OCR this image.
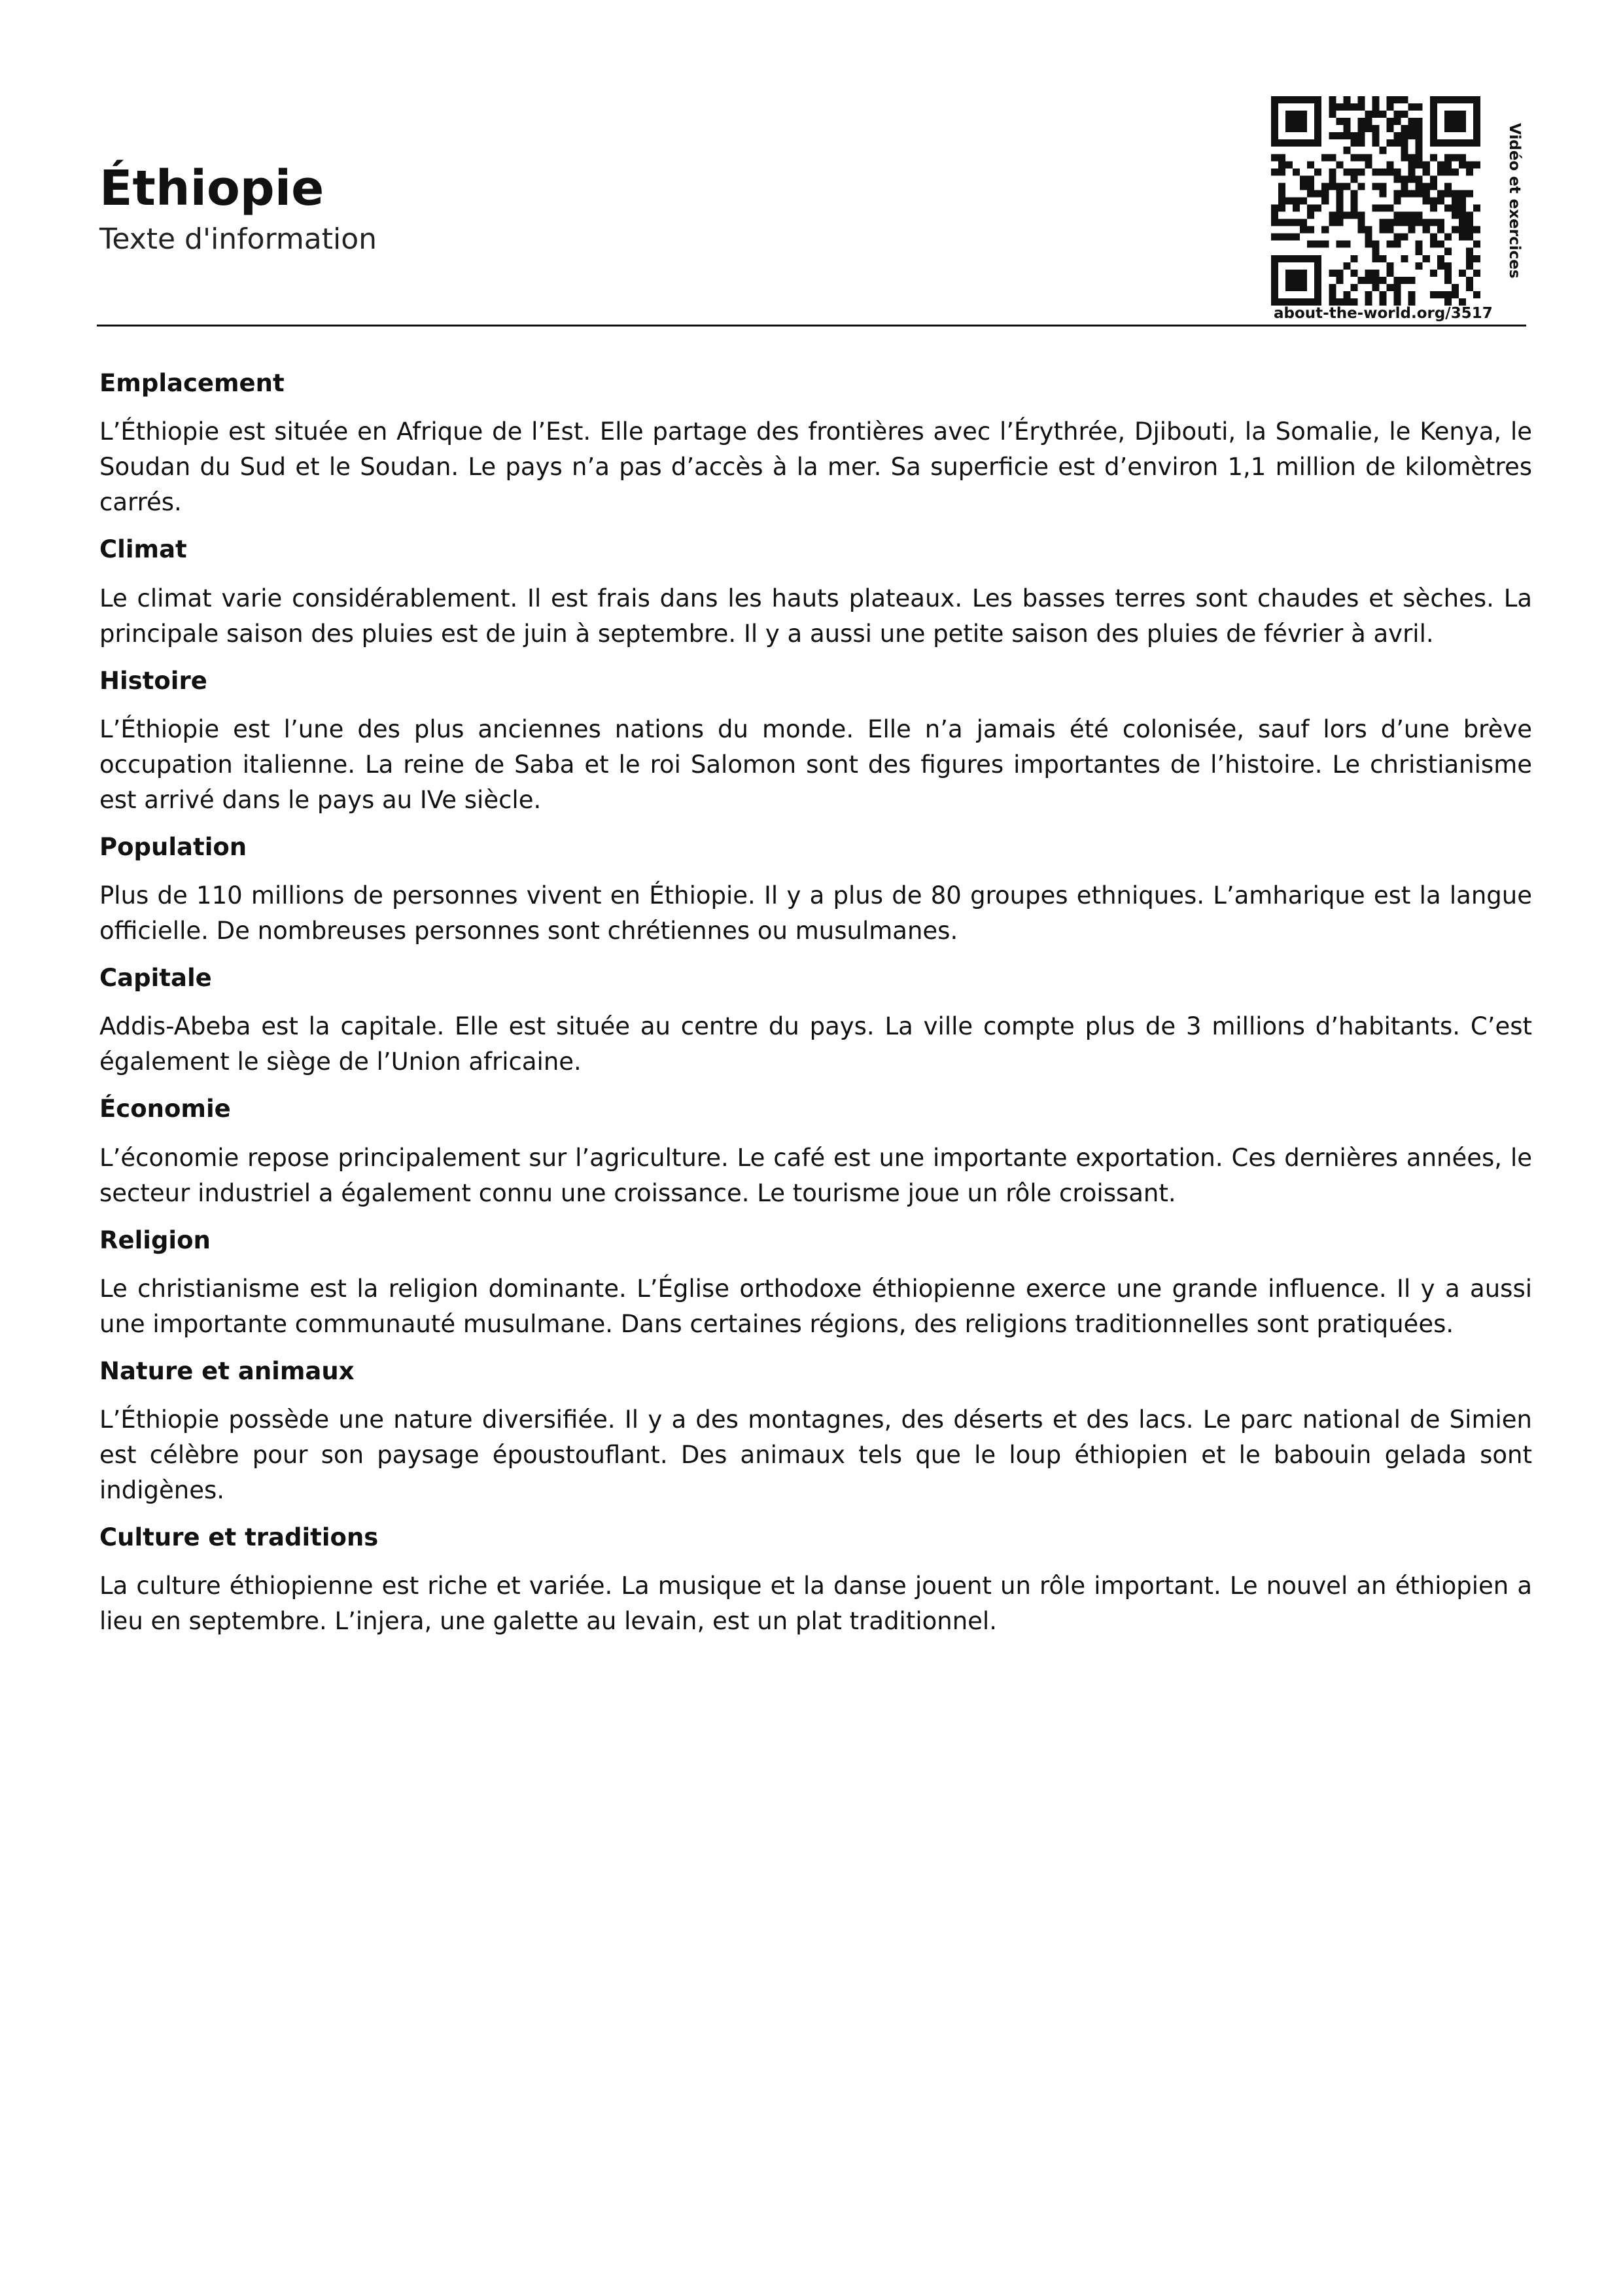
Éthiopie
Texte d'information	Vidéo et exercices
about-the-world.org/3517
Emplacement

L’Éthiopie est située en Afrique de l’Est. Elle partage des frontières avec l’Érythrée, Djibouti, la Somalie, le Kenya, le Soudan du Sud et le Soudan. Le pays n’a pas d’accès à la mer. Sa superficie est d’environ 1,1 million de kilomètres carrés.

Climat

Le climat varie considérablement. Il est frais dans les hauts plateaux. Les basses terres sont chaudes et sèches. La principale saison des pluies est de juin à septembre. Il y a aussi une petite saison des pluies de février à avril.

Histoire

L’Éthiopie est l’une des plus anciennes nations du monde. Elle n’a jamais été colonisée, sauf lors d’une brève occupation italienne. La reine de Saba et le roi Salomon sont des figures importantes de l’histoire. Le christianisme est arrivé dans le pays au IVe siècle.

Population

Plus de 110 millions de personnes vivent en Éthiopie. Il y a plus de 80 groupes ethniques. L’amharique est la langue officielle. De nombreuses personnes sont chrétiennes ou musulmanes.

Capitale

Addis-Abeba est la capitale. Elle est située au centre du pays. La ville compte plus de 3 millions d’habitants. C’est également le siège de l’Union africaine.

Économie

L’économie repose principalement sur l’agriculture. Le café est une importante exportation. Ces dernières années, le secteur industriel a également connu une croissance. Le tourisme joue un rôle croissant.

Religion

Le christianisme est la religion dominante. L’Église orthodoxe éthiopienne exerce une grande influence. Il y a aussi une importante communauté musulmane. Dans certaines régions, des religions traditionnelles sont pratiquées.

Nature et animaux

L’Éthiopie possède une nature diversifiée. Il y a des montagnes, des déserts et des lacs. Le parc national de Simien est célèbre pour son paysage époustouflant. Des animaux tels que le loup éthiopien et le babouin gelada sont indigènes.

Culture et traditions

La culture éthiopienne est riche et variée. La musique et la danse jouent un rôle important. Le nouvel an éthiopien a lieu en septembre. L’injera, une galette au levain, est un plat traditionnel.
